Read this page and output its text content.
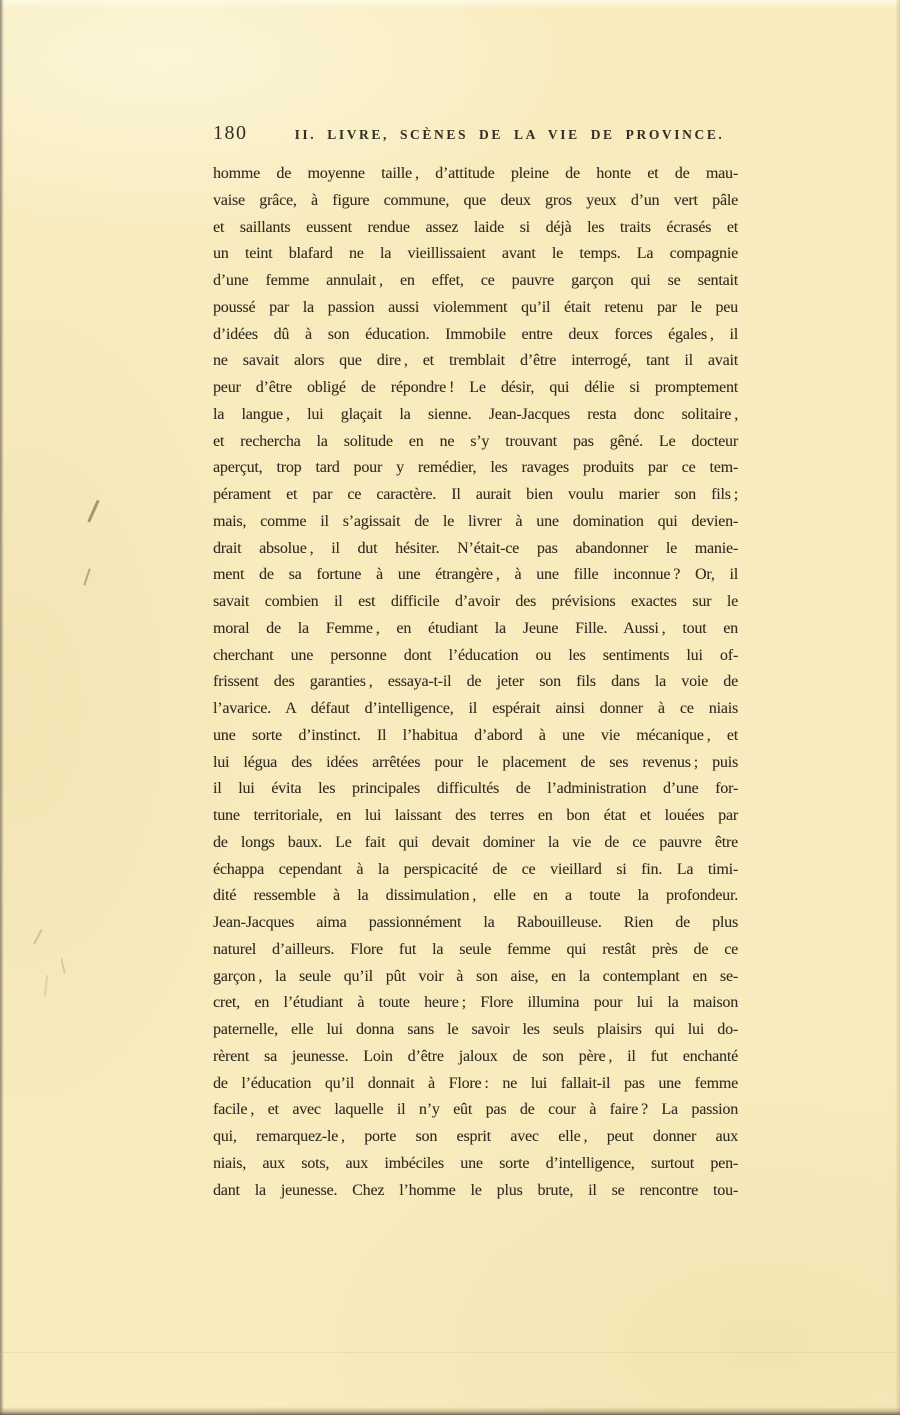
180	II. LIVRE, SCÈNES DE LA VIE DE PROVINCE.
homme de moyenne taille , d’attitude pleine de honte et de mau-
vaise grâce, à figure commune, que deux gros yeux d’un vert pâle
et saillants eussent rendue assez laide si déjà les traits écrasés et
un teint blafard ne la vieillissaient avant le temps. La compagnie
d’une femme annulait , en effet, ce pauvre garçon qui se sentait
poussé par la passion aussi violemment qu’il était retenu par le peu
d’idées dû à son éducation. Immobile entre deux forces égales , il
ne savait alors que dire , et tremblait d’être interrogé, tant il avait
peur d’être obligé de répondre ! Le désir, qui délie si promptement
la langue , lui glaçait la sienne. Jean-Jacques resta donc solitaire ,
et rechercha la solitude en ne s’y trouvant pas gêné. Le docteur
aperçut, trop tard pour y remédier, les ravages produits par ce tem-
pérament et par ce caractère. Il aurait bien voulu marier son fils ;
mais, comme il s’agissait de le livrer à une domination qui devien-
drait absolue , il dut hésiter. N’était-ce pas abandonner le manie-
ment de sa fortune à une étrangère , à une fille inconnue ? Or, il
savait combien il est difficile d’avoir des prévisions exactes sur le
moral de la Femme , en étudiant la Jeune Fille. Aussi , tout en
cherchant une personne dont l’éducation ou les sentiments lui of-
frissent des garanties , essaya-t-il de jeter son fils dans la voie de
l’avarice. A défaut d’intelligence, il espérait ainsi donner à ce niais
une sorte d’instinct. Il l’habitua d’abord à une vie mécanique , et
lui légua des idées arrêtées pour le placement de ses revenus ; puis
il lui évita les principales difficultés de l’administration d’une for-
tune territoriale, en lui laissant des terres en bon état et louées par
de longs baux. Le fait qui devait dominer la vie de ce pauvre être
échappa cependant à la perspicacité de ce vieillard si fin. La timi-
dité ressemble à la dissimulation , elle en a toute la profondeur.
Jean-Jacques aima passionnément la Rabouilleuse. Rien de plus
naturel d’ailleurs. Flore fut la seule femme qui restât près de ce
garçon , la seule qu’il pût voir à son aise, en la contemplant en se-
cret, en l’étudiant à toute heure ; Flore illumina pour lui la maison
paternelle, elle lui donna sans le savoir les seuls plaisirs qui lui do-
rèrent sa jeunesse. Loin d’être jaloux de son père , il fut enchanté
de l’éducation qu’il donnait à Flore : ne lui fallait-il pas une femme
facile , et avec laquelle il n’y eût pas de cour à faire ? La passion
qui, remarquez-le , porte son esprit avec elle , peut donner aux
niais, aux sots, aux imbéciles une sorte d’intelligence, surtout pen-
dant la jeunesse. Chez l’homme le plus brute, il se rencontre tou-
